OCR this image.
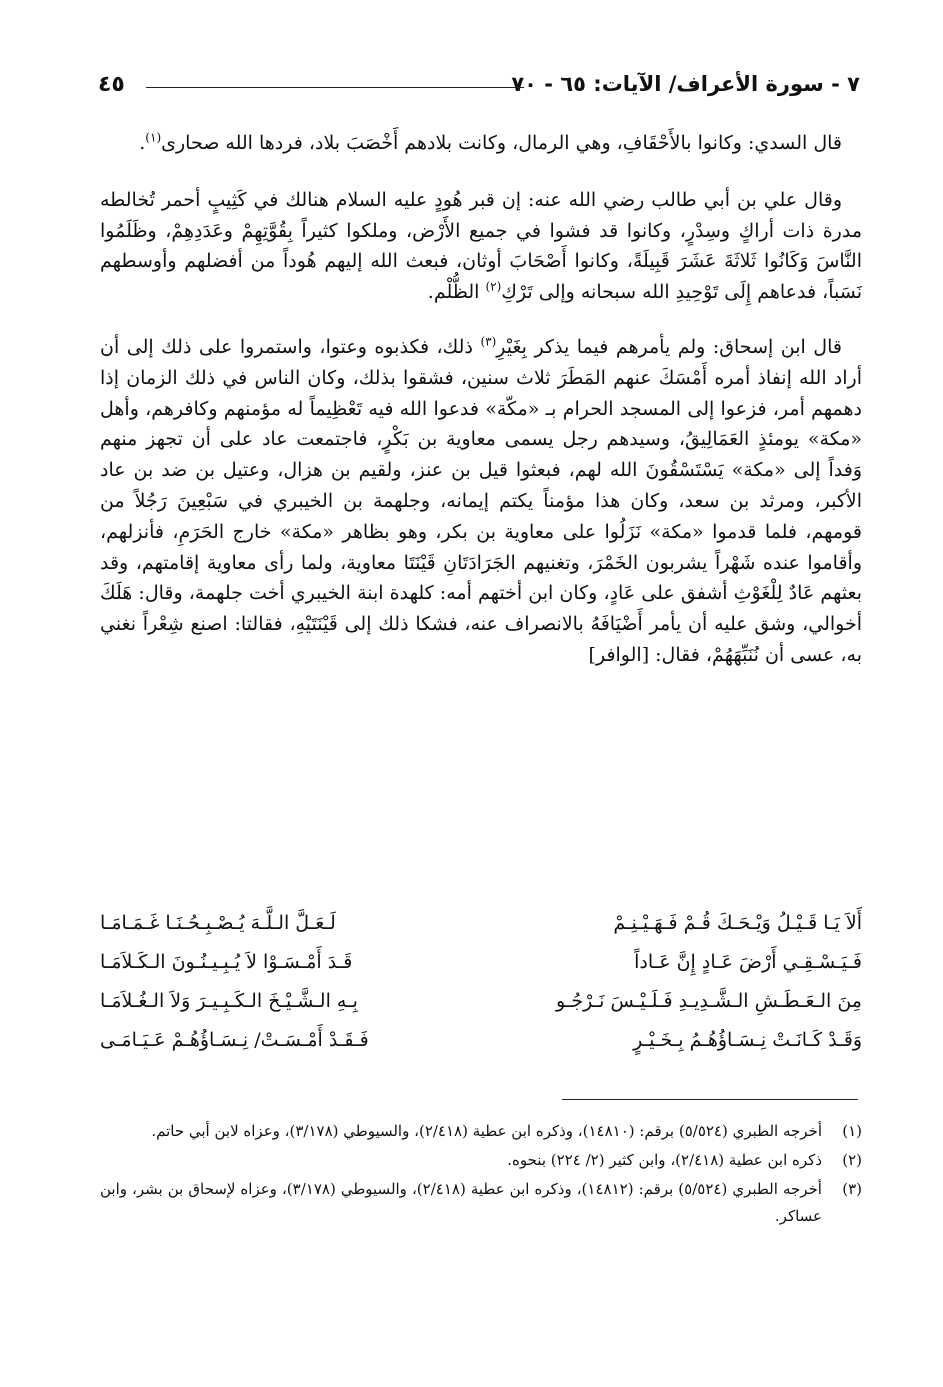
٧ - سورة الأعراف/ الآيات: ٦٥ - ٧٠
٤٥

قال السدي: وكانوا بالأَحْقَافِ، وهي الرمال، وكانت بلادهم أَخْصَبَ بلاد، فردها الله صحارى$^{(١)}$.

وقال علي بن أبي طالب رضي الله عنه: إن قبر هُودٍ عليه السلام هنالك في كَثِيبٍ أحمر تُخالطه مدرة ذات أراكٍ وسِدْرٍ، وكانوا قد فشوا في جميع الأَرْض، وملكوا كثيراً بِقُوَّتِهِمْ وعَدَدِهِمْ، وظَلَمُوا النَّاسَ وَكَانُوا ثَلاثَةَ عَشَرَ قَبِيلَةً، وكانوا أَصْحَابَ أوثان، فبعث الله إليهم هُوداً من أفضلهم وأوسطهم نَسَباً، فدعاهم إِلَى تَوْحِيدِ الله سبحانه وإلى تَرْكِ$^{(٢)}$ الظُّلْم.

قال ابن إسحاق: ولم يأمرهم فيما يذكر بِغَيْرِ$^{(٣)}$ ذلك، فكذبوه وعتوا، واستمروا على ذلك إلى أن أراد الله إنفاذ أمره أَمْسَكَ عنهم المَطَرَ ثلاث سنين، فشقوا بذلك، وكان الناس في ذلك الزمان إذا دهمهم أمر، فزعوا إلى المسجد الحرام بـ «مكّة» فدعوا الله فيه تَعْظِيماً له مؤمنهم وكافرهم، وأهل «مكة» يومئذٍ العَمَالِيقُ، وسيدهم رجل يسمى معاوية بن بَكْرٍ، فاجتمعت عاد على أن تجهز منهم وَفداً إلى «مكة» يَسْتَسْقُونَ الله لهم، فبعثوا قيل بن عنز، ولقيم بن هزال، وعتيل بن ضد بن عاد الأكبر، ومرثد بن سعد، وكان هذا مؤمناً يكتم إيمانه، وجلهمة بن الخيبري في سَبْعِينَ رَجُلاً من قومهم، فلما قدموا «مكة» نَزَلُوا على معاوية بن بكر، وهو بظاهر «مكة» خارج الحَرَمِ، فأنزلهم، وأقاموا عنده شَهْراً يشربون الخَمْرَ، وتغنيهم الجَرَادَتَانِ قَيْنَتَا معاوية، ولما رأى معاوية إقامتهم، وقد بعثهم عَادٌ لِلْغَوْثِ أشفق على عَادٍ، وكان ابن أختهم أمه: كلهدة ابنة الخيبري أخت جلهمة، وقال: هَلَكَ أخوالي، وشق عليه أن يأمر أَضْيَافَهُ بالانصراف عنه، فشكا ذلك إلى قَيْنَتَيْهِ، فقالتا: اصنع شِعْراً نغني به، عسى أن نُنَبِّهَهُمْ، فقال: [الوافر]

أَلاَ يَـا قَـيْـلُ وَيْـحَـكَ قُـمْ فَـهَـيْـنِـمْ
لَـعَـلَّ الـلَّـهَ يُـصْـبِـحُـنَـا غَـمَـامَـا
فَـيَـسْـقِـي أَرْضَ عَـادٍ إِنَّ عَـاداً
قَـدَ أَمْـسَـوْا لاَ يُـبِـيـنُـونَ الـكَـلاَمَـا
مِنَ الـعَـطَـشِ الـشَّـدِيـدِ فَـلَـيْـسَ نَـرْجُـو
بِـهِ الـشَّـيْـخَ الـكَـبِـيـرَ وَلاَ الـغُـلاَمَـا
وَقَـدْ كَـانَـتْ نِـسَـاؤُهُـمُ بِـخَـيْـرٍ
فَـقَـدْ أَمْـسَـتْ/ نِـسَـاؤُهُـمْ عَـيَـامَـى
(١)
أخرجه الطبري (٥/٥٢٤) برقم: (١٤٨١٠)، وذكره ابن عطية (٢/٤١٨)، والسيوطي (٣/١٧٨)، وعزاه لابن أبي حاتم.
(٢)
ذكره ابن عطية (٢/٤١٨)، وابن كثير (٢/ ٢٢٤) بنحوه.
(٣)
أخرجه الطبري (٥/٥٢٤) برقم: (١٤٨١٢)، وذكره ابن عطية (٢/٤١٨)، والسيوطي (٣/١٧٨)، وعزاه لإسحاق بن بشر، وابن عساكر.
